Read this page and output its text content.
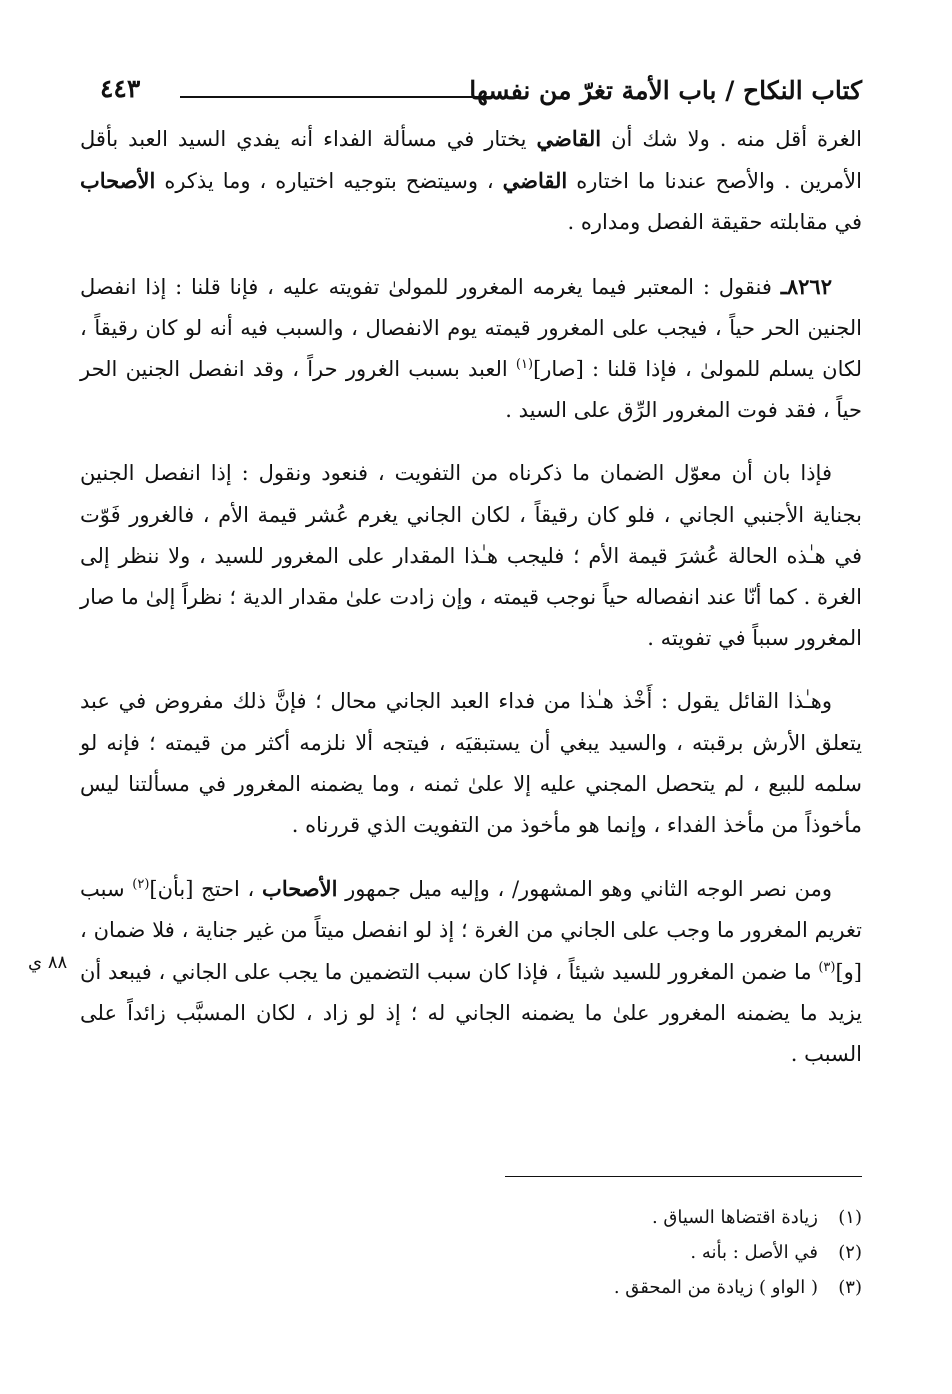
كتاب النكاح / باب الأمة تغرّ من نفسها
٤٤٣

الغرة أقل منه . ولا شك أن القاضي يختار في مسألة الفداء أنه يفدي السيد العبد بأقل الأمرين . والأصح عندنا ما اختاره القاضي ، وسيتضح بتوجيه اختياره ، وما يذكره الأصحاب في مقابلته حقيقة الفصل ومداره .

٨٢٦٢ـ فنقول : المعتبر فيما يغرمه المغرور للمولىٰ تفويته عليه ، فإنا قلنا : إذا انفصل الجنين الحر حياً ، فيجب على المغرور قيمته يوم الانفصال ، والسبب فيه أنه لو كان رقيقاً ، لكان يسلم للمولىٰ ، فإذا قلنا : [صار]$^{(١)}$ العبد بسبب الغرور حراً ، وقد انفصل الجنين الحر حياً ، فقد فوت المغرور الرِّق على السيد .

فإذا بان أن معوّل الضمان ما ذكرناه من التفويت ، فنعود ونقول : إذا انفصل الجنين بجناية الأجنبي الجاني ، فلو كان رقيقاً ، لكان الجاني يغرم عُشر قيمة الأم ، فالغرور فَوّت في هـٰذه الحالة عُشرَ قيمة الأم ؛ فليجب هـٰذا المقدار على المغرور للسيد ، ولا ننظر إلى الغرة . كما أنّا عند انفصاله حياً نوجب قيمته ، وإن زادت علىٰ مقدار الدية ؛ نظراً إلىٰ ما صار المغرور سبباً في تفويته .

وهـٰذا القائل يقول : أَخْذ هـٰذا من فداء العبد الجاني محال ؛ فإنَّ ذلك مفروض في عبد يتعلق الأرش برقبته ، والسيد يبغي أن يستبقيَه ، فيتجه ألا نلزمه أكثر من قيمته ؛ فإنه لو سلمه للبيع ، لم يتحصل المجني عليه إلا علىٰ ثمنه ، وما يضمنه المغرور في مسألتنا ليس مأخوذاً من مأخذ الفداء ، وإنما هو مأخوذ من التفويت الذي قررناه .

ومن نصر الوجه الثاني وهو المشهور/ ، وإليه ميل جمهور الأصحاب ، احتج [بأن]$^{(٢)}$ سبب تغريم المغرور ما وجب على الجاني من الغرة ؛ إذ لو انفصل ميتاً من غير جناية ، فلا ضمان ، [و]$^{(٣)}$ ما ضمن المغرور للسيد شيئاً ، فإذا كان سبب التضمين ما يجب على الجاني ، فيبعد أن يزيد ما يضمنه المغرور علىٰ ما يضمنه الجاني له ؛ إذ لو زاد ، لكان المسبَّب زائداً على السبب .

٨٨ ي
(١)زيادة اقتضاها السياق .
(٢)في الأصل : بأنه .
(٣)( الواو ) زيادة من المحقق .
